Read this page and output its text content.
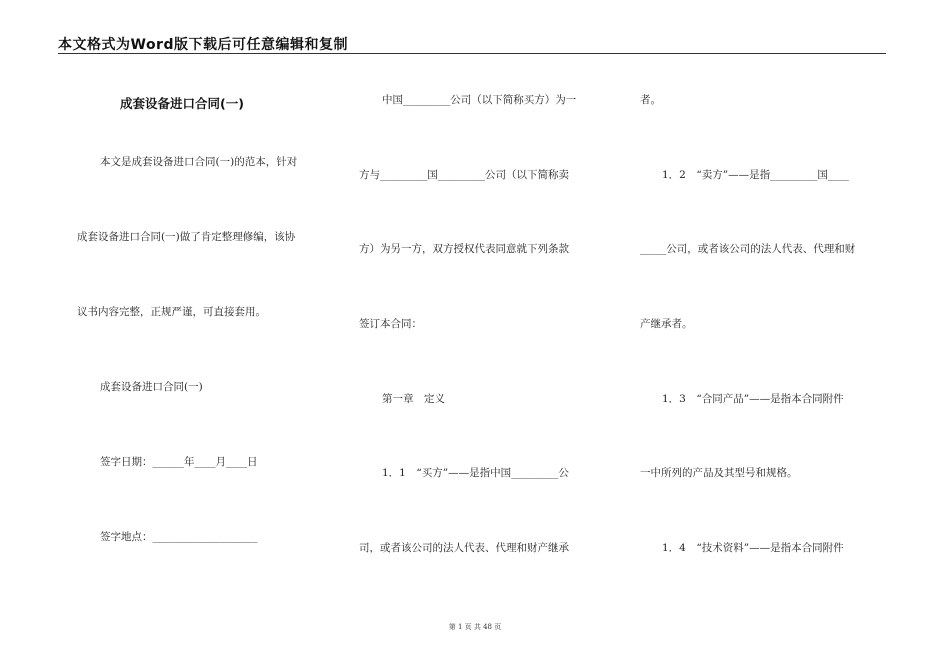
本文格式为Word版下载后可任意编辑和复制
成套设备进口合同(一)
本文是成套设备进口合同(一)的范本，针对
成套设备进口合同(一)做了肯定整理修编，该协
议书内容完整，正规严谨，可直接套用。
成套设备进口合同(一)
签字日期：______年____月____日
签字地点：____________________
中国_________公司（以下简称买方）为一
方与_________国_________公司（以下简称卖
方）为另一方，双方授权代表同意就下列条款
签订本合同：
第一章　定义
1．1　“买方”——是指中国_________公
司，或者该公司的法人代表、代理和财产继承
者。
1．2　“卖方”——是指_________国____
_____公司，或者该公司的法人代表、代理和财
产继承者。
1．3　“合同产品”——是指本合同附件
一中所列的产品及其型号和规格。
1．4　“技术资料”——是指本合同附件
第 1 页 共 48 页
